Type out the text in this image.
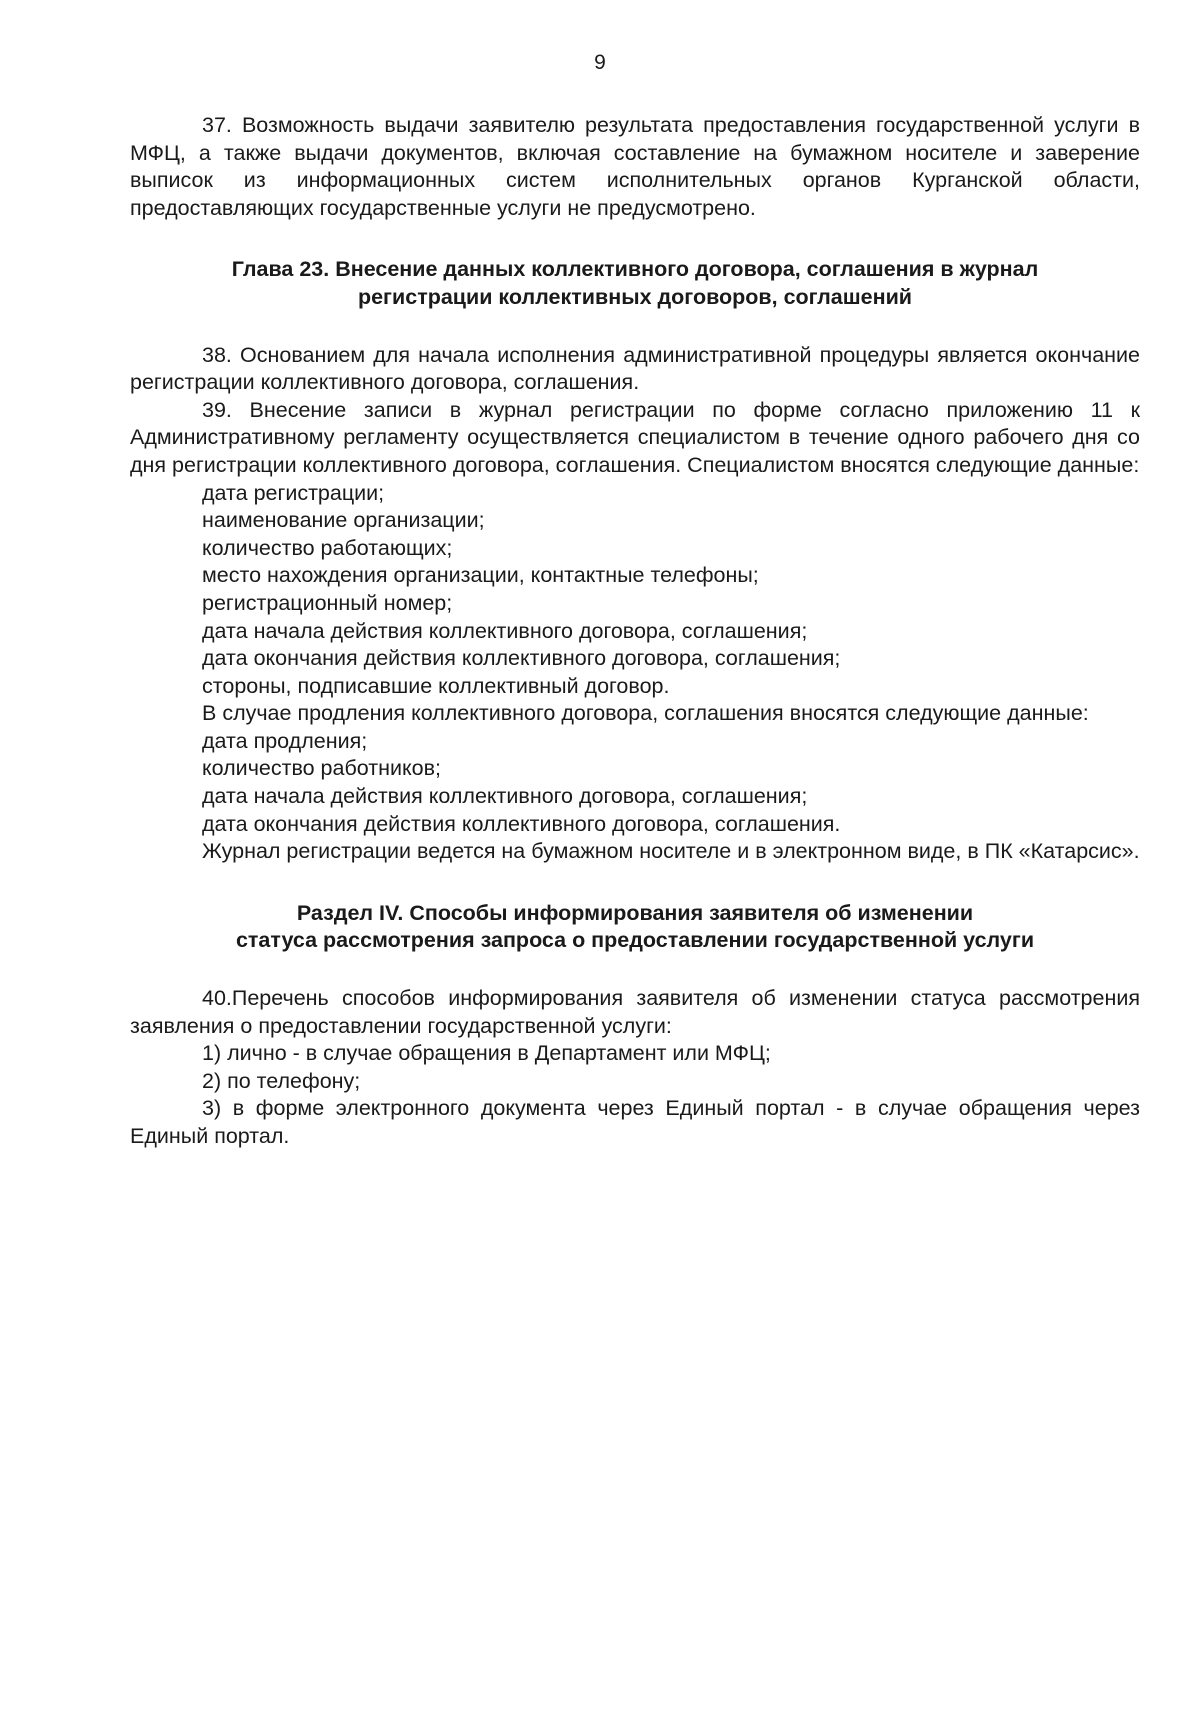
9

37. Возможность выдачи заявителю результата предоставления государственной услуги в МФЦ, а также выдачи документов, включая составление на бумажном носителе и заверение выписок из информационных систем исполнительных органов Курганской области, предоставляющих государственные услуги не предусмотрено.

Глава 23. Внесение данных коллективного договора, соглашения в журнал

регистрации коллективных договоров, соглашений

38. Основанием для начала исполнения административной процедуры является окончание регистрации коллективного договора, соглашения.

39. Внесение записи в журнал регистрации по форме согласно приложению 11 к Административному регламенту осуществляется специалистом в течение одного рабочего дня со дня регистрации коллективного договора, соглашения. Специалистом вносятся следующие данные:

дата регистрации;

наименование организации;

количество работающих;

место нахождения организации, контактные телефоны;

регистрационный номер;

дата начала действия коллективного договора, соглашения;

дата окончания действия коллективного договора, соглашения;

стороны, подписавшие коллективный договор.

В случае продления коллективного договора, соглашения вносятся следующие данные:

дата продления;

количество работников;

дата начала действия коллективного договора, соглашения;

дата окончания действия коллективного договора, соглашения.

Журнал регистрации ведется на бумажном носителе и в электронном виде, в ПК «Катарсис».

Раздел IV. Способы информирования заявителя об изменении

статуса рассмотрения запроса о предоставлении государственной услуги

40.Перечень способов информирования заявителя об изменении статуса рассмотрения заявления о предоставлении государственной услуги:

1) лично - в случае обращения в Департамент или МФЦ;

2) по телефону;

3) в форме электронного документа через Единый портал - в случае обращения через Единый портал.
